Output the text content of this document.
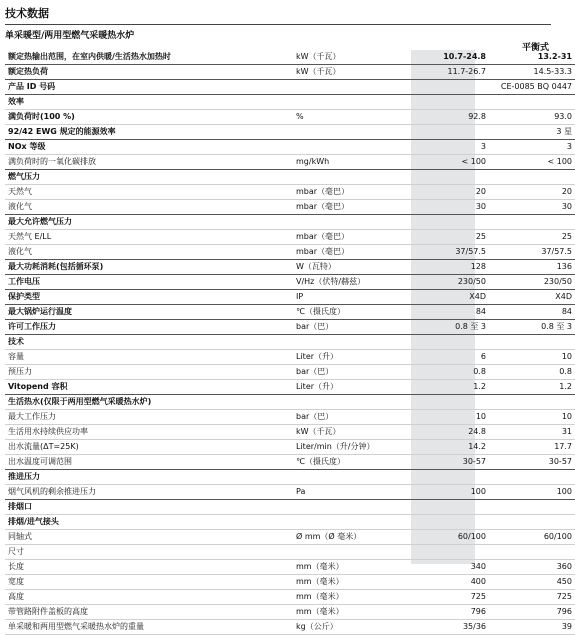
技术数据
单采暖型/两用型燃气采暖热水炉
平衡式
额定热输出范围，在室内供暖/生活热水加热时	kW（千瓦）	10.7-24.8	13.2-31
额定热负荷	kW（千瓦）	11.7-26.7	14.5-33.3
产品 ID 号码			CE-0085 BQ 0447
效率			
满负荷时(100 %)	%	92.8	93.0
92/42 EWG 规定的能源效率			3 星
NOx 等级		3	3
满负荷时的一氧化碳排放	mg/kWh	< 100	< 100
燃气压力			
天然气	mbar（毫巴）	20	20
液化气	mbar（毫巴）	30	30
最大允许燃气压力			
天然气 E/LL	mbar（毫巴）	25	25
液化气	mbar（毫巴）	37/57.5	37/57.5
最大功耗消耗(包括循环泵)	W（瓦特）	128	136
工作电压	V/Hz（伏特/赫兹）	230/50	230/50
保护类型	IP	X4D	X4D
最大锅炉运行温度	℃（摄氏度）	84	84
许可工作压力	bar（巴）	0.8 至 3	0.8 至 3
技术			
容量	Liter（升）	6	10
预压力	bar（巴）	0.8	0.8
Vitopend 容积	Liter（升）	1.2	1.2
生活热水(仅限于两用型燃气采暖热水炉)			
最大工作压力	bar（巴）	10	10
生活用水持续供应功率	kW（千瓦）	24.8	31
出水流量(ΔT=25K)	Liter/min（升/分钟）	14.2	17.7
出水温度可调范围	℃（摄氏度）	30-57	30-57
推进压力			
烟气风机的剩余推进压力	Pa	100	100
排烟口			
排烟/进气接头			
同轴式	Ø mm（Ø 毫米）	60/100	60/100
尺寸			
长度	mm（毫米）	340	360
宽度	mm（毫米）	400	450
高度	mm（毫米）	725	725
带管路附件盖板的高度	mm（毫米）	796	796
单采暖和两用型燃气采暖热水炉的重量	kg（公斤）	35/36	39
